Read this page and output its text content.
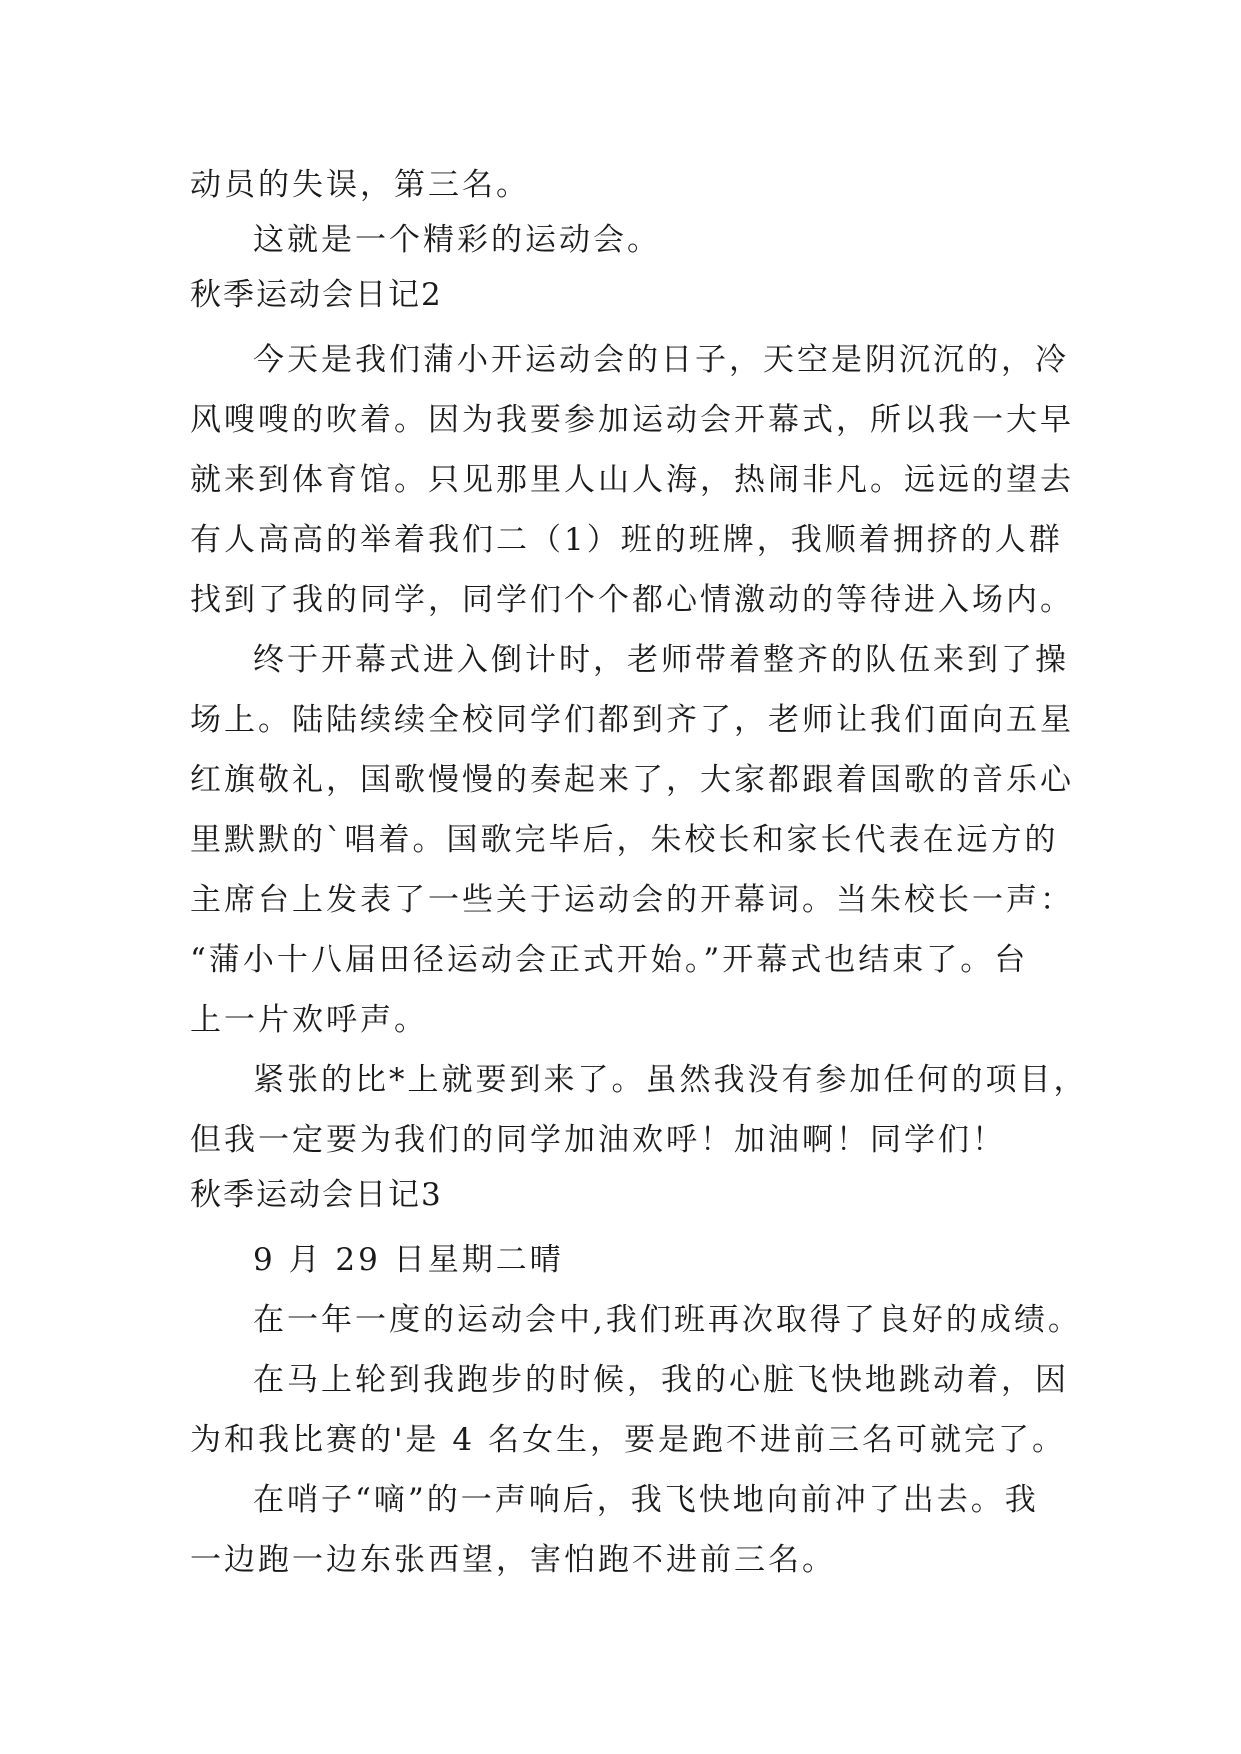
动员的失误，第三名。
这就是一个精彩的运动会。
秋季运动会日记2
今天是我们蒲小开运动会的日子，天空是阴沉沉的，冷
风嗖嗖的吹着。因为我要参加运动会开幕式，所以我一大早
就来到体育馆。只见那里人山人海，热闹非凡。远远的望去
有人高高的举着我们二（1）班的班牌，我顺着拥挤的人群
找到了我的同学，同学们个个都心情激动的等待进入场内。
终于开幕式进入倒计时，老师带着整齐的队伍来到了操
场上。陆陆续续全校同学们都到齐了，老师让我们面向五星
红旗敬礼，国歌慢慢的奏起来了，大家都跟着国歌的音乐心
里默默的`唱着。国歌完毕后，朱校长和家长代表在远方的
主席台上发表了一些关于运动会的开幕词。当朱校长一声：
“蒲小十八届田径运动会正式开始。”开幕式也结束了。台
上一片欢呼声。
紧张的比*上就要到来了。虽然我没有参加任何的项目，
但我一定要为我们的同学加油欢呼！加油啊！同学们！
秋季运动会日记3
9 月 29 日星期二晴
在一年一度的运动会中,我们班再次取得了良好的成绩。
在马上轮到我跑步的时候，我的心脏飞快地跳动着，因
为和我比赛的'是 4 名女生，要是跑不进前三名可就完了。
在哨子“嘀”的一声响后，我飞快地向前冲了出去。我
一边跑一边东张西望，害怕跑不进前三名。
